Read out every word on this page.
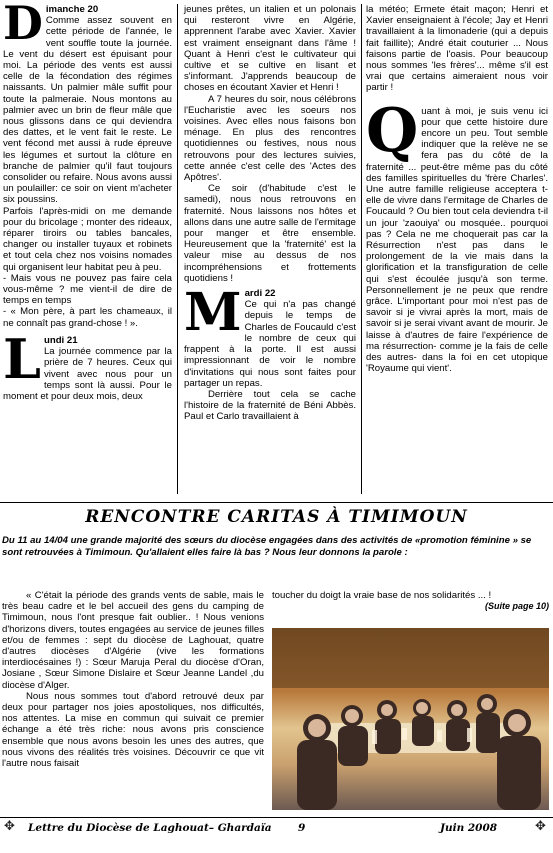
D imanche 20
Comme assez souvent en cette période de l'année, le vent souffle toute la journée. Le vent du désert est épuisant pour moi. La période des vents est aussi celle de la fécondation des régimes naissants. Un palmier mâle suffit pour toute la palmeraie. Nous montons au palmier avec un brin de fleur mâle que nous glissons dans ce qui deviendra des dattes, et le vent fait le reste. Le vent fécond met aussi à rude épreuve les légumes et surtout la clôture en branche de palmier qu'il faut toujours consolider ou refaire. Nous avons aussi un poulailler: ce soir on vient m'acheter six poussins.

Parfois l'après-midi on me demande pour du bricolage ; monter des rideaux, réparer tiroirs ou tables bancales, changer ou installer tuyaux et robinets et tout cela chez nos voisins nomades qui organisent leur habitat peu à peu.

- Mais vous ne pouvez pas faire cela vous-même ? me vient-il de dire de temps en temps

- « Mon père, à part les chameaux, il ne connaît pas grand-chose ! ».

L undi 21
La journée commence par la prière de 7 heures. Ceux qui vivent avec nous pour un temps sont là aussi. Pour le moment et pour deux mois, deux

jeunes prêtes, un italien et un polonais qui resteront vivre en Algérie, apprennent l'arabe avec Xavier. Xavier est vraiment enseignant dans l'âme ! Quant à Henri c'est le cultivateur qui cultive et se cultive en lisant et s'informant. J'apprends beaucoup de choses en écoutant Xavier et Henri !

A 7 heures du soir, nous célébrons l'Eucharistie avec les soeurs nos voisines. Avec elles nous faisons bon ménage. En plus des rencontres quotidiennes ou festives, nous nous retrouvons pour des lectures suivies, cette année c'est celle des 'Actes des Apôtres'.

Ce soir (d'habitude c'est le samedi), nous nous retrouvons en fraternité. Nous laissons nos hôtes et allons dans une autre salle de l'ermitage pour manger et être ensemble. Heureusement que la 'fraternité' est la valeur mise au dessus de nos incompréhensions et frottements quotidiens !

M ardi 22
Ce qui n'a pas changé depuis le temps de Charles de Foucauld c'est le nombre de ceux qui frappent à la porte. Il est aussi impressionnant de voir le nombre d'invitations qui nous sont faites pour partager un repas.

Derrière tout cela se cache l'histoire de la fraternité de Béni Abbès. Paul et Carlo travaillaient à

la météo; Ermete était maçon; Henri et Xavier enseignaient à l'école; Jay et Henri travaillaient à la limonaderie (qui a depuis fait faillite); André était couturier ... Nous faisons partie de l'oasis. Pour beaucoup nous sommes 'les frères'... même s'il est vrai que certains aimeraient nous voir partir !

Q uant à moi, je suis venu ici pour que cette histoire dure encore un peu. Tout semble indiquer que la relève ne se fera pas du côté de la fraternité ... peut-être même pas du côté des familles spirituelles du 'frère Charles'. Une autre famille religieuse acceptera t-elle de vivre dans l'ermitage de Charles de Foucauld ? Ou bien tout cela deviendra t-il un jour 'zaouiya' ou mosquée.. pourquoi pas ? Cela ne me choquerait pas car la Résurrection n'est pas dans le prolongement de la vie mais dans la glorification et la transfiguration de celle qui s'est écoulée jusqu'à son terme. Personnellement je ne peux que rendre grâce. L'important pour moi n'est pas de savoir si je vivrai après la mort, mais de savoir si je serai vivant avant de mourir. Je laisse à d'autres de faire l'expérience de ma résurrection- comme je la fais de celle des autres- dans la foi en cet utopique 'Royaume qui vient'.

RENCONTRE CARITAS À TIMIMOUN
Du 11 au 14/04 une grande majorité des sœurs du diocèse engagées dans des activités de «promotion féminine » se sont retrouvées à Timimoun. Qu'allaient elles faire là bas ? Nous leur donnons la parole :

« C'était la période des grands vents de sable, mais le très beau cadre et le bel accueil des gens du camping de Timimoun, nous l'ont presque fait oublier.. ! Nous venions d'horizons divers, toutes engagées au service de jeunes filles et/ou de femmes : sept du diocèse de Laghouat, quatre d'autres diocèses d'Algérie (vive les formations interdiocésaines !) : Sœur Maruja Peral du diocèse d'Oran, Josiane , Sœur Simone Dislaire et Sœur Jeanne Landel ,du diocèse d'Alger.

Nous nous sommes tout d'abord retrouvé deux par deux pour partager nos joies apostoliques, nos difficultés, nos attentes. La mise en commun qui suivait ce premier échange a été très riche: nous avons pris conscience ensemble que nous avons besoin les unes des autres, que nous vivons des réalités très voisines. Découvrir ce que vit l'autre nous faisait

toucher du doigt la vraie base de nos solidarités ... !

(Suite page 10)

✥	✥
Lettre du Diocèse de Laghouat– Ghardaïa	9	Juin 2008
